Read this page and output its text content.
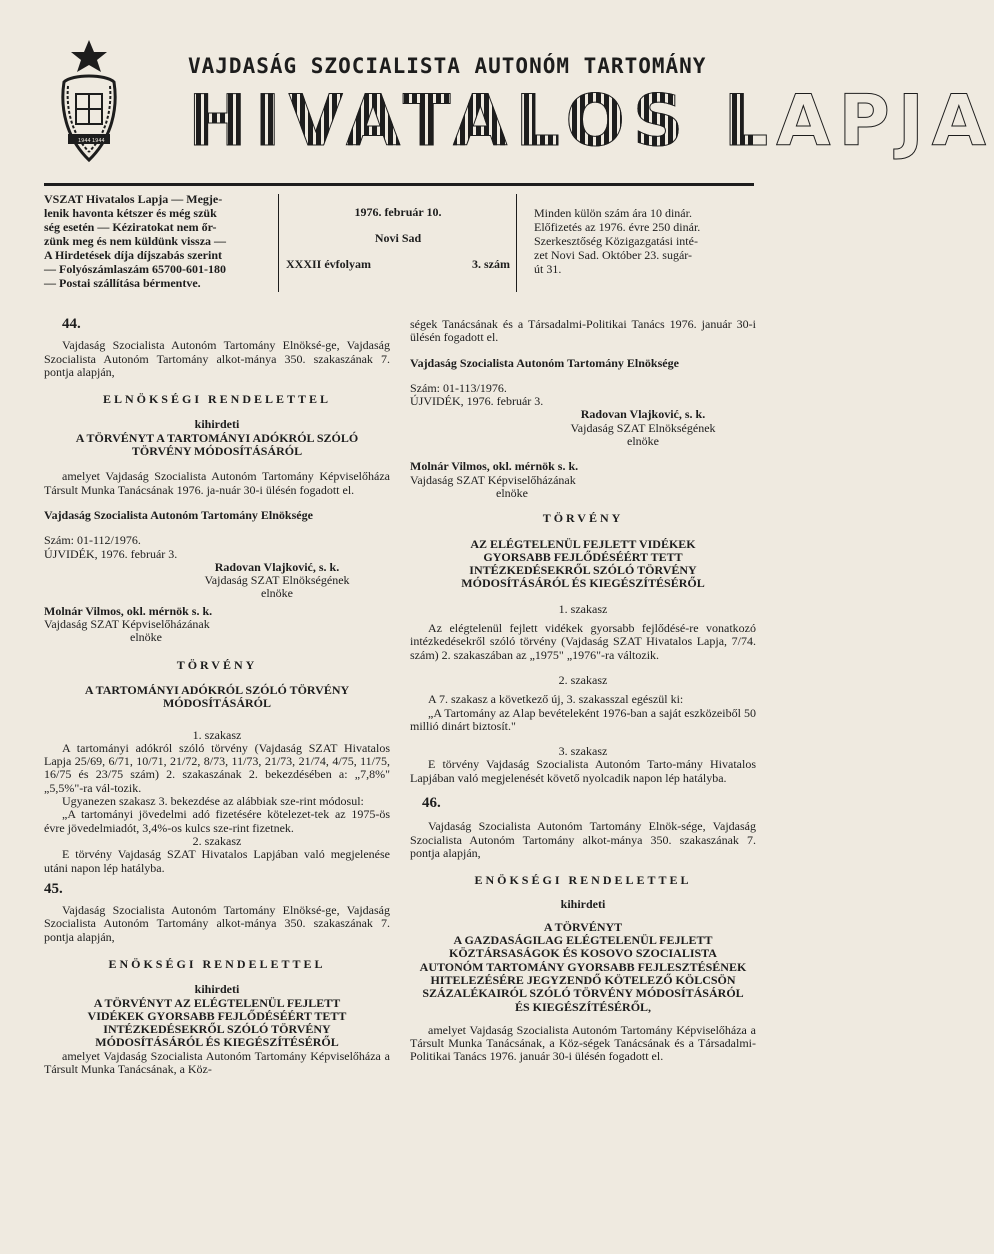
1944 1944
VAJDASÁG SZOCIALISTA AUTONÓM TARTOMÁNY
HIVATALOS LAPJA
VSZAT Hivatalos Lapja — Megje-
lenik havonta kétszer és még szük
ség esetén — Kéziratokat nem őr-
zünk meg és nem küldünk vissza —
A Hirdetések díja díjszabás szerint
— Folyószámlaszám 65700-601-180
— Postai szállítása bérmentve.
1976. február 10.
Novi Sad
XXXII évfolyam	3. szám
Minden külön szám ára 10 dinár.
Előfizetés az 1976. évre 250 dinár.
Szerkesztőség Közigazgatási inté-
zet Novi Sad. Október 23. sugár-
út 31.

44.

Vajdaság Szocialista Autonóm Tartomány Elnöksé-ge, Vajdaság Szocialista Autonóm Tartomány alkot-mánya 350. szakaszának 7. pontja alapján,

ELNÖKSÉGI RENDELETTEL

kihirdeti

A TÖRVÉNYT A TARTOMÁNYI ADÓKRÓL SZÓLÓ TÖRVÉNY MÓDOSÍTÁSÁRÓL

amelyet Vajdaság Szocialista Autonóm Tartomány Képviselőháza Társult Munka Tanácsának 1976. ja-nuár 30-i ülésén fogadott el.

Vajdaság Szocialista Autonóm Tartomány Elnöksége

Szám: 01-112/1976.

ÚJVIDÉK, 1976. február 3.

Radovan Vlajković, s. k.

Vajdaság SZAT Elnökségének

elnöke

Molnár Vilmos, okl. mérnök s. k.

Vajdaság SZAT Képviselőházának

elnöke

TÖRVÉNY

A TARTOMÁNYI ADÓKRÓL SZÓLÓ TÖRVÉNY MÓDOSÍTÁSÁRÓL

1. szakasz

A tartományi adókról szóló törvény (Vajdaság SZAT Hivatalos Lapja 25/69, 6/71, 10/71, 21/72, 8/73, 11/73, 21/73, 21/74, 4/75, 11/75, 16/75 és 23/75 szám) 2. szakaszának 2. bekezdésében a: „7,8%" „5,5%"-ra vál-tozik.

Ugyanezen szakasz 3. bekezdése az alábbiak sze-rint módosul:

„A tartományi jövedelmi adó fizetésére kötelezet-tek az 1975-ös évre jövedelmiadót, 3,4%-os kulcs sze-rint fizetnek.

2. szakasz

E törvény Vajdaság SZAT Hivatalos Lapjában való megjelenése utáni napon lép hatályba.

45.

Vajdaság Szocialista Autonóm Tartomány Elnöksé-ge, Vajdaság Szocialista Autonóm Tartomány alkot-mánya 350. szakaszának 7. pontja alapján,

ENÖKSÉGI RENDELETTEL

kihirdeti

A TÖRVÉNYT AZ ELÉGTELENÜL FEJLETT VIDÉKEK GYORSABB FEJLŐDÉSÉÉRT TETT INTÉZKEDÉSEKRŐL SZÓLÓ TÖRVÉNY MÓDOSÍTÁSÁRÓL ÉS KIEGÉSZÍTÉSÉRŐL

amelyet Vajdaság Szocialista Autonóm Tartomány Képviselőháza a Társult Munka Tanácsának, a Köz-

ségek Tanácsának és a Társadalmi-Politikai Tanács 1976. január 30-i ülésén fogadott el.

Vajdaság Szocialista Autonóm Tartomány Elnöksége

Szám: 01-113/1976.

ÚJVIDÉK, 1976. február 3.

Radovan Vlajković, s. k.

Vajdaság SZAT Elnökségének

elnöke

Molnár Vilmos, okl. mérnök s. k.

Vajdaság SZAT Képviselőházának

elnöke

TÖRVÉNY

AZ ELÉGTELENÜL FEJLETT VIDÉKEK GYORSABB FEJLŐDÉSÉÉRT TETT INTÉZKEDÉSEKRŐL SZÓLÓ TÖRVÉNY MÓDOSÍTÁSÁRÓL ÉS KIEGÉSZÍTÉSÉRŐL

1. szakasz

Az elégtelenül fejlett vidékek gyorsabb fejlődésé-re vonatkozó intézkedésekről szóló törvény (Vajdaság SZAT Hivatalos Lapja, 7/74. szám) 2. szakaszában az „1975" „1976"-ra változik.

2. szakasz

A 7. szakasz a következő új, 3. szakasszal egészül ki:

„A Tartomány az Alap bevételeként 1976-ban a saját eszközeiből 50 millió dinárt biztosít."

3. szakasz

E törvény Vajdaság Szocialista Autonóm Tarto-mány Hivatalos Lapjában való megjelenését követő nyolcadik napon lép hatályba.

46.

Vajdaság Szocialista Autonóm Tartomány Elnök-sége, Vajdaság Szocialista Autonóm Tartomány alkot-mánya 350. szakaszának 7. pontja alapján,

ENÖKSÉGI RENDELETTEL

kihirdeti

A TÖRVÉNYT

A GAZDASÁGILAG ELÉGTELENÜL FEJLETT KÖZTÁRSASÁGOK ÉS KOSOVO SZOCIALISTA AUTONÓM TARTOMÁNY GYORSABB FEJLESZTÉSÉNEK HITELEZÉSÉRE JEGYZENDŐ KÖTELEZŐ KÖLCSÖN SZÁZALÉKAIRÓL SZÓLÓ TÖRVÉNY MÓDOSÍTÁSÁRÓL ÉS KIEGÉSZÍTÉSÉRŐL,

amelyet Vajdaság Szocialista Autonóm Tartomány Képviselőháza a Társult Munka Tanácsának, a Köz-ségek Tanácsának és a Társadalmi-Politikai Tanács 1976. január 30-i ülésén fogadott el.
